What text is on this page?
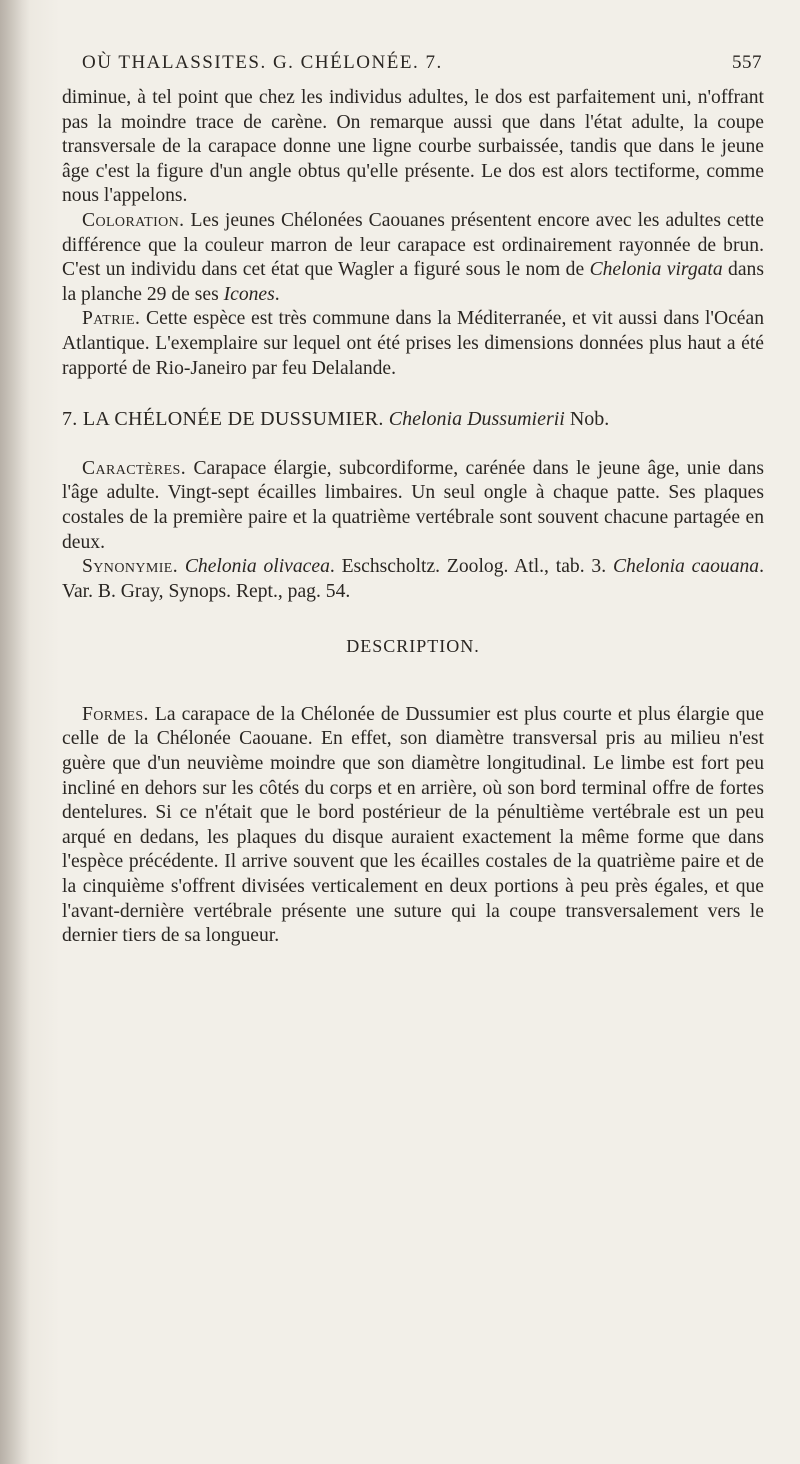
OÙ THALASSITES. G. CHÉLONÉE. 7.	557

diminue, à tel point que chez les individus adultes, le dos est parfaitement uni, n'offrant pas la moindre trace de carène. On remarque aussi que dans l'état adulte, la coupe transversale de la carapace donne une ligne courbe surbaissée, tandis que dans le jeune âge c'est la figure d'un angle obtus qu'elle présente. Le dos est alors tectiforme, comme nous l'appelons.

Coloration. Les jeunes Chélonées Caouanes présentent encore avec les adultes cette différence que la couleur marron de leur carapace est ordinairement rayonnée de brun. C'est un individu dans cet état que Wagler a figuré sous le nom de Chelonia virgata dans la planche 29 de ses Icones.

Patrie. Cette espèce est très commune dans la Méditerranée, et vit aussi dans l'Océan Atlantique. L'exemplaire sur lequel ont été prises les dimensions données plus haut a été rapporté de Rio-Janeiro par feu Delalande.

7. LA CHÉLONÉE DE DUSSUMIER. Chelonia Dussumierii Nob.

Caractères. Carapace élargie, subcordiforme, carénée dans le jeune âge, unie dans l'âge adulte. Vingt-sept écailles limbaires. Un seul ongle à chaque patte. Ses plaques costales de la première paire et la quatrième vertébrale sont souvent chacune partagée en deux.

Synonymie. Chelonia olivacea. Eschscholtz. Zoolog. Atl., tab. 3. Chelonia caouana. Var. B. Gray, Synops. Rept., pag. 54.

DESCRIPTION.

Formes. La carapace de la Chélonée de Dussumier est plus courte et plus élargie que celle de la Chélonée Caouane. En effet, son diamètre transversal pris au milieu n'est guère que d'un neuvième moindre que son diamètre longitudinal. Le limbe est fort peu incliné en dehors sur les côtés du corps et en arrière, où son bord terminal offre de fortes dentelures. Si ce n'était que le bord postérieur de la pénultième vertébrale est un peu arqué en dedans, les plaques du disque auraient exactement la même forme que dans l'espèce précédente. Il arrive souvent que les écailles costales de la quatrième paire et de la cinquième s'offrent divisées verticalement en deux portions à peu près égales, et que l'avant-dernière vertébrale présente une suture qui la coupe transversalement vers le dernier tiers de sa longueur.
